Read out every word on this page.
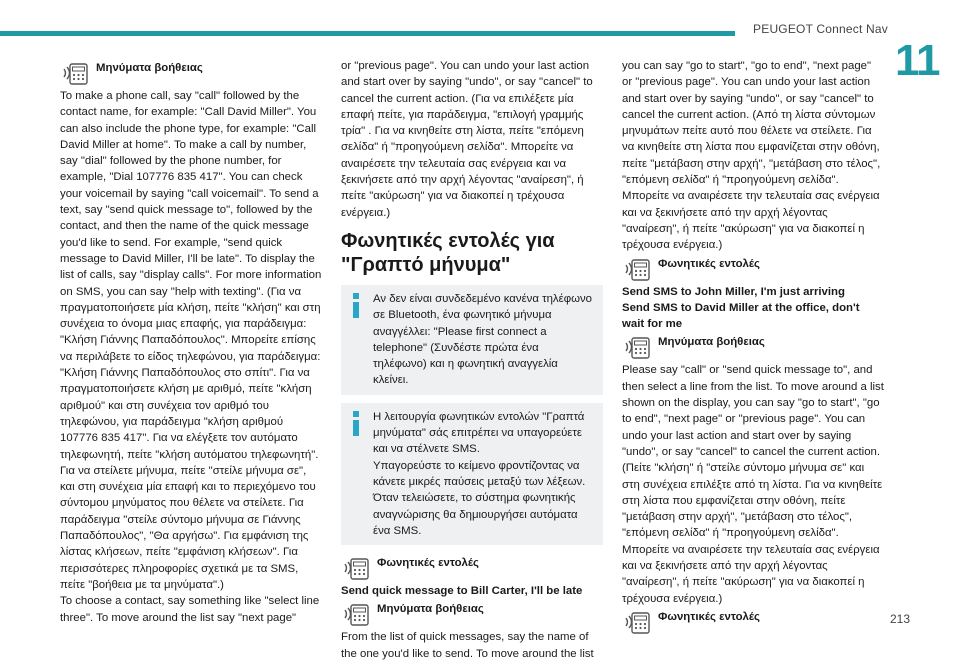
PEUGEOT Connect Nav
11
Μηνύματα βοήθειας

To make a phone call, say "call" followed by the contact name, for example: "Call David Miller". You can also include the phone type, for example: "Call David Miller at home". To make a call by number, say "dial" followed by the phone number, for example, "Dial 107776 835 417". You can check your voicemail by saying "call voicemail". To send a text, say "send quick message to", followed by the contact, and then the name of the quick message you'd like to send. For example, "send quick message to David Miller, I'll be late". To display the list of calls, say "display calls". For more information on SMS, you can say "help with texting". (Για να πραγματοποιήσετε μία κλήση, πείτε "κλήση" και στη συνέχεια το όνομα μιας επαφής, για παράδειγμα: "Κλήση Γιάννης Παπαδόπουλος". Μπορείτε επίσης να περιλάβετε το είδος τηλεφώνου, για παράδειγμα: "Κλήση Γιάννης Παπαδόπουλος στο σπίτι". Για να πραγματοποιήσετε κλήση με αριθμό, πείτε "κλήση αριθμού" και στη συνέχεια τον αριθμό του τηλεφώνου, για παράδειγμα "κλήση αριθμού 107776 835 417". Για να ελέγξετε τον αυτόματο τηλεφωνητή, πείτε "κλήση αυτόματου τηλεφωνητή". Για να στείλετε μήνυμα, πείτε "στείλε μήνυμα σε", και στη συνέχεια μία επαφή και το περιεχόμενο του σύντομου μηνύματος που θέλετε να στείλετε. Για παράδειγμα "στείλε σύντομο μήνυμα σε Γιάννης Παπαδόπουλος", "Θα αργήσω". Για εμφάνιση της λίστας κλήσεων, πείτε "εμφάνιση κλήσεων". Για περισσότερες πληροφορίες σχετικά με τα SMS, πείτε "βοήθεια με τα μηνύματα".)

To choose a contact, say something like "select line three". To move around the list say "next page"

or "previous page". You can undo your last action and start over by saying "undo", or say "cancel" to cancel the current action. (Για να επιλέξετε μία επαφή πείτε, για παράδειγμα, "επιλογή γραμμής τρία" . Για να κινηθείτε στη λίστα, πείτε "επόμενη σελίδα" ή "προηγούμενη σελίδα". Μπορείτε να αναιρέσετε την τελευταία σας ενέργεια και να ξεκινήσετε από την αρχή λέγοντας "αναίρεση", ή πείτε "ακύρωση" για να διακοπεί η τρέχουσα ενέργεια.)

Φωνητικές εντολές για "Γραπτό μήνυμα"

Αν δεν είναι συνδεδεμένο κανένα τηλέφωνο σε Bluetooth, ένα φωνητικό μήνυμα αναγγέλλει: "Please first connect a telephone" (Συνδέστε πρώτα ένα τηλέφωνο) και η φωνητική αναγγελία κλείνει.

Η λειτουργία φωνητικών εντολών "Γραπτά μηνύματα" σάς επιτρέπει να υπαγορεύετε και να στέλνετε SMS.

Υπαγορεύστε το κείμενο φροντίζοντας να κάνετε μικρές παύσεις μεταξύ των λέξεων.

Όταν τελειώσετε, το σύστημα φωνητικής αναγνώρισης θα δημιουργήσει αυτόματα ένα SMS.

Φωνητικές εντολές

Send quick message to Bill Carter, I'll be late

Μηνύματα βοήθειας

From the list of quick messages, say the name of the one you'd like to send. To move around the list

you can say "go to start", "go to end", "next page" or "previous page". You can undo your last action and start over by saying "undo", or say "cancel" to cancel the current action. (Από τη λίστα σύντομων μηνυμάτων πείτε αυτό που θέλετε να στείλετε. Για να κινηθείτε στη λίστα που εμφανίζεται στην οθόνη, πείτε "μετάβαση στην αρχή", "μετάβαση στο τέλος", "επόμενη σελίδα" ή "προηγούμενη σελίδα". Μπορείτε να αναιρέσετε την τελευταία σας ενέργεια και να ξεκινήσετε από την αρχή λέγοντας "αναίρεση", ή πείτε "ακύρωση" για να διακοπεί η τρέχουσα ενέργεια.)

Φωνητικές εντολές

Send SMS to John Miller, I'm just arriving

Send SMS to David Miller at the office, don't wait for me

Μηνύματα βοήθειας

Please say "call" or "send quick message to", and then select a line from the list. To move around a list shown on the display, you can say "go to start", "go to end", "next page" or "previous page". You can undo your last action and start over by saying "undo", or say "cancel" to cancel the current action. (Πείτε "κλήση" ή "στείλε σύντομο μήνυμα σε" και στη συνέχεια επιλέξτε από τη λίστα. Για να κινηθείτε στη λίστα που εμφανίζεται στην οθόνη, πείτε "μετάβαση στην αρχή", "μετάβαση στο τέλος", "επόμενη σελίδα" ή "προηγούμενη σελίδα". Μπορείτε να αναιρέσετε την τελευταία σας ενέργεια και να ξεκινήσετε από την αρχή λέγοντας "αναίρεση", ή πείτε "ακύρωση" για να διακοπεί η τρέχουσα ενέργεια.)

Φωνητικές εντολές	213
